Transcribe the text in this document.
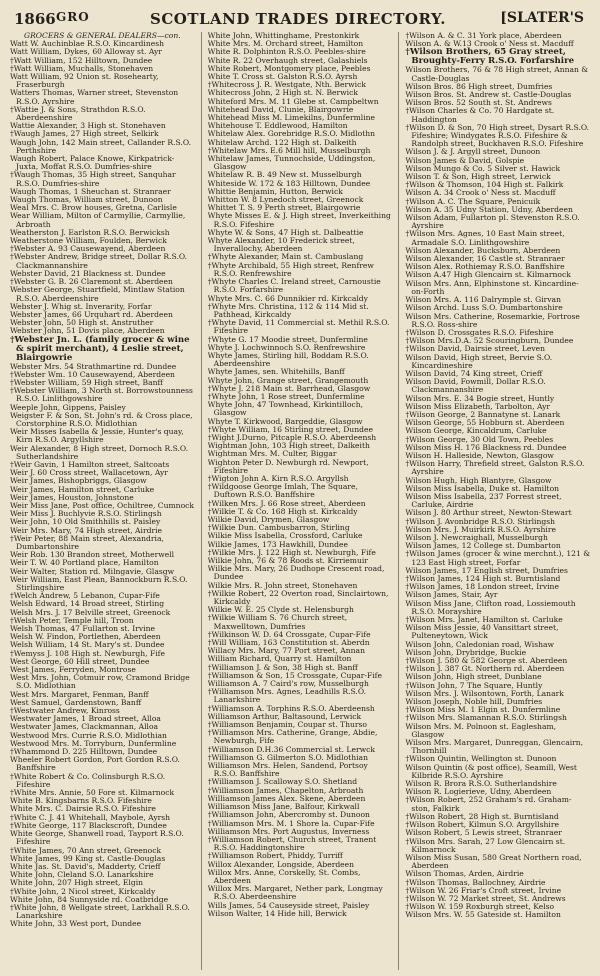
1866 GRO	SCOTLAND TRADES DIRECTORY.	[SLATER'S

GROCERS & GENERAL DEALERS—con.

Watt W. Auchinblae R.S.O. Kincardinesh

Watt William, Dykes, 60 Alloway st. Ayr

†Watt William, 152 Hilltown, Dundee

†Watt William, Muchalls, Stonehaven

Watt William, 92 Union st. Rosehearty, Fraserburgh

Watters Thomas, Warner street, Stevenston R.S.O. Ayrshire

†Wattie J. & Sons, Strathdon R.S.O. Aberdeenshire

Wattie Alexander, 3 High st. Stonehaven

†Waugh James, 27 High street, Selkirk

Waugh John, 142 Main street, Callander R.S.O. Perthshire

Waugh Robert, Palace Knowe, Kirkpatrick-Juxta, Moffat R.S.O. Dumfries-shire

†Waugh Thomas, 35 High street, Sanquhar R.S.O. Dumfries-shire

Waugh Thomas, 1 Sheuchan st. Stranraer

Waugh Thomas, William street, Dunoon

Weal Mrs. C. Brow houses, Gretna, Carlisle

Wear William, Milton of Carmyllie, Carmyllie, Arbroath

Weatherston J. Earlston R.S.O. Berwicksh

Weatherstone William, Foulden, Berwick

†Webster A. 93 Causewayend, Aberdeen

†Webster Andrew, Bridge street, Dollar R.S.O. Clackmannanshire

Webster David, 21 Blackness st. Dundee

†Webster G. B. 26 Claremont st. Aberdeen

Webster George, Stuartfield, Mintlaw Station R.S.O. Aberdeenshire

Webster J. Whig st. Inverarity, Forfar

Webster James, 66 Urquhart rd. Aberdeen

Webster John, 50 High st. Anstruther

Webster John, 51 Dovis place, Aberdeen

†Webster Jn. L. (family grocer & wine & spirit merchant), 4 Leslie street, Blairgowrie

Webster Mrs. 54 Strathmartine rd. Dundee

†Webster Wm. 10 Causewayend, Aberdeen

†Webster William, 59 High street, Banff

†Webster William, 3 North st. Borrowstounness R.S.O. Linlithgowshire

Weeple John, Gippens, Paisley

Weigster F. & Son, St. John's rd. & Cross place, Corstorphine R.S.O. Midlothian

Weir Misses Isabella & Jessie, Hunter's quay, Kirn R.S.O. Argyllshire

Weir Alexander, 8 High street, Dornoch R.S.O. Sutherlandshire

†Weir Gavin, 1 Hamilton street, Saltcoats

Weir J. 60 Cross street, Wallacetown, Ayr

Weir James, Bishopbriggs, Glasgow

Weir James, Hamilton street, Carluke

Weir James, Houston, Johnstone

Weir Miss Jane, Post office, Ochiltree, Cumnock

Weir Miss J. Buchlyvie R.S.O. Stirlingsh

Weir John, 10 Old Smithhills st. Paisley

Weir Mrs. Mary, 74 High street, Airdrie

†Weir Peter, 88 Main street, Alexandria, Dumbartonshire

Weir Rob. 130 Brandon street, Motherwell

Weir T. W. 40 Portland place, Hamilton

Weir Walter, Station rd. Milngavie, Glasgw

Weir William, East Plean, Bannockburn R.S.O. Stirlingshire

†Welch Andrew, 5 Lebanon, Cupar-Fife

Welsh Edward, 14 Broad street, Stirling

Welsh Mrs. J. 17 Belville street, Greenock

†Welsh Peter, Temple hill, Troon

Welsh Thomas, 47 Fullarton st. Irvine

Welsh W. Findon, Portlethen, Aberdeen

Welsh William, 14 St. Mary's st. Dundee

†Wemyss J. 108 High st. Newburgh, Fife

West George, 60 Hill street, Dundee

West James, Ferryden, Montrose

West Mrs. John, Cotmuir row, Cramond Bridge S.O. Midlothian

West Mrs. Margaret, Fenman, Banff

West Samuel, Gardenstown, Banff

†Westwater Andrew, Kinross

Westwater James, 1 Broad street, Alloa

Westwater James, Clackmannan, Alloa

Westwood Mrs. Currie R.S.O. Midlothian

Westwood Mrs. M. Torryburn, Dunfermline

†Whammond D. 225 Hilltown, Dundee

Wheeler Robert Gordon, Port Gordon R.S.O. Banffshire

†White Robert & Co. Colinsburgh R.S.O. Fifeshire

†White Mrs. Annie, 50 Fore st. Kilmarnock

White B. Kingsbarns R.S.O. Fifeshire

White Mrs. C. Dairsie R.S.O. Fifeshire

†White C. J. 41 Whitehall, Maybole, Ayrsh

†White George, 117 Blackscroft, Dundee

White George, Shanwell road, Tayport R.S.O. Fifeshire

†White James, 70 Ann street, Greenock

White James, 99 King st. Castle-Douglas

White Jas. St. David's, Madderty, Crieff

White John, Cleland S.O. Lanarkshire

White John, 207 High street, Elgin

†White John, 2 Nicol street, Kirkcaldy

White John, 84 Sunnyside rd. Coatbridge

†White John, 8 Wellgate street, Larkhall R.S.O. Lanarkshire

White John, 33 West port, Dundee

White John, Whittinghame, Prestonkirk

White Mrs. M. Orchard street, Hamilton

White R. Dolphinton R.S.O. Peebles-shire

White R. 22 Overhaugh street, Galashiels

White Robert, Montgomery place, Peebles

White T. Cross st. Galston R.S.O. Ayrsh

†Whitecross J. R. Westgate, Nth. Berwick

Whitecross John, 2 High st. N. Berwick

Whiteford Mrs. M. 11 Glebe st. Campbeltwn

Whitehead David, Clunie, Blairgowrie

Whitehead Miss M. Limekilns, Dunfermline

Whitehouse T. Eddlewood, Hamilton

Whitelaw Alex. Gorebridge R.S.O. Midlothn

Whitelaw Archd. 122 High st. Dalkeith

†Whitelaw Mrs. E.6 Mill hill, Musselburgh

Whitelaw James, Tunnochside, Uddingston, Glasgow

Whitelaw R. B. 49 New st. Musselburgh

Whiteside W. 172 & 183 Hilltown, Dundee

Whittie Benjamin, Hutton, Berwick

Whitton W. 8 Lynedoch street, Greenock

Whittet T. S. 9 Perth street, Blairgowrie

Whyte Misses E. & J. High street, Inverkeithing R.S.O. Fifeshire

Whyte W. & Sons, 47 High st. Dalbeattie

Whyte Alexander, 10 Frederick street, Inverallochy, Aberdeen

†Whyte Alexander, Main st. Cambuslang

†Whyte Archibald, 55 High street, Renfrew R.S.O. Renfrewshire

†Whyte Charles C. Ireland street, Carnoustie R.S.O. Forfarshire

Whyte Mrs. C. 66 Dunnikier rd. Kirkcaldy

†Whyte Mrs. Christina, 112 & 114 Mid st. Pathhead, Kirkcaldy

†Whyte David, 11 Commercial st. Methil R.S.O. Fifeshire

†Whyte G. 17 Moodie street, Dunfermline

Whyte J. Lochwinnoch S.O. Renfrewshire

Whyte James, Stirling hill, Boddam R.S.O. Aberdeenshire

Whyte James, sen. Whitehills, Banff

Whyte John, Grange street, Grangemouth

†Whyte J. 218 Main st. Barrhead, Glasgow

†Whyte John, 1 Rose street, Dunfermline

Whyte John, 47 Townhead, Kirkintilloch, Glasgow

Whyte T. Kirkwood, Bargeddie, Glasgow

†Whyte William, 16 Stirling street, Dundee

†Wight J.Durno, Pitcaple R.S.O. Aberdeensh

Wightman John, 103 High street, Dalkeith

Wightman Mrs. M. Culter, Biggar

Wighton Peter D. Newburgh rd. Newport, Fifeshire

†Wigton John A. Kirn R.S.O. Argyllsh

†Wildgoose George Imlah, The Square, Duftown R.S.O. Banffshire

†Wilken Mrs. J. 66 Rose street, Aberdeen

†Wilkie T. & Co. 168 High st. Kirkcaldy

Wilkie David, Drymen, Glasgow

†Wilkie Dun. Cambusbarron, Stirling

Wilkie Miss Isabella, Crossford, Carluke

Wilkie James, 173 Hawkhill, Dundee

†Wilkie Mrs. J. 122 High st. Newburgh, Fife

Wilkie John, 76 & 78 Roods st. Kirriemuir

Wilkie Mrs. Mary, 26 Dudhope Crescent road, Dundee

Wilkie Mrs. R. John street, Stonehaven

†Wilkie Robert, 22 Overton road, Sinclairtown, Kirkcaldy

Wilkie W. E. 25 Clyde st. Helensburgh

†Wilkie William S. 76 Church street, Maxwelltown, Dumfries

†Wilkinson W. D. 64 Crossgate, Cupar-Fife

†Will William, 163 Constitution st. Aberdn

Willacy Mrs. Mary, 77 Port street, Annan

William Richard, Quarry st. Hamilton

†Williamson J. & Son, 38 High st. Banff

†Williamson & Son, 15 Crossgate, Cupar-Fife

Williamson A. 7 Caird's row, Musselburgh

†Williamson Mrs. Agnes, Leadhills R.S.O. Lanarkshire

†Williamson A. Torphins R.S.O. Aberdeensh

Williamson Arthur, Baltasound, Lerwick

†Williamson Benjamin, Coupar st. Thurso

†Williamson Mrs. Catherine, Grange, Abdie, Newburgh, Fife

†Williamson D.H.36 Commercial st. Lerwck

†Williamson G. Gilmerton S.O. Midlothian

Williamson Mrs. Helen, Sandend, Portsoy R.S.O. Banffshire

†Williamson J. Scalloway S.O. Shetland

†Williamson James, Chapelton, Arbroath

Williamson James Alex. Skene, Aberdeen

Williamson Miss Jane, Balfour, Kirkwall

†Williamson John, Abercromby st. Dunoon

†Williamson Mrs. M. 1 Shore la. Cupar-Fife

Williamson Mrs. Port Augustus, Inverness

†Williamson Robert, Church street, Tranent R.S.O. Haddingtonshire

†Williamson Robert, Phiddy, Turriff

Willox Alexander, Longside, Aberdeen

Willox Mrs. Anne, Corskelly, St. Combs, Aberdeen

Willox Mrs. Margaret, Nether park, Longmay R.S.O. Aberdeenshire

Wills James, 54 Causeyside street, Paisley

Wilson Walter, 14 Hide hill, Berwick

†Wilson A. & C. 31 York place, Aberdeen

Wilson A. & W.13 Crook o' Ness st. Macduff

†Wilson Brothers, 65 Gray street, Broughty-Ferry R.S.O. Forfarshire

Wilson Brothers, 76 & 78 High street, Annan & Castle-Douglas

Wilson Bros. 86 High street, Dumfries

Wilson Bros. St. Andrew st. Castle-Douglas

Wilson Bros. 52 South st. St. Andrews

†Wilson Charles & Co. 70 Hardgate st. Haddington

†Wilson D. & Son, 70 High street, Dysart R.S.O. Fifeshire; Windygates R.S.O. Fifeshire & Randolph street, Buckhaven R.S.O. Fifeshire

Wilson J. & J. Argyll street, Dunoon

Wilson James & David, Golspie

Wilson Mungo & Co. 5 Silver st. Hawick

Wilson T. & Son, High street, Lerwick

†Wilson & Thomson, 104 High st. Falkirk

Wilson A. 34 Crook o' Ness st. Macduff

†Wilson A. C. The Square, Penicuik

Wilson A. 35 Udny Station, Udny, Aberdeen

Wilson Adam, Fullarton pl. Stevenston R.S.O. Ayrshire

†Wilson Mrs. Agnes, 10 East Main street, Armadale S.O. Linlithgowshire

Wilson Alexander, Bucksburn, Aberdeen

Wilson Alexander, 16 Castle st. Stranraer

Wilson Alex. Rothiemay R.S.O. Banffshire

Wilson A.47 High Glencairn st. Kilmarnock

Wilson Mrs. Ann, Elphinstone st. Kincardine-on-Forth

Wilson Mrs. A. 116 Dalrymple st. Girvan

Wilson Archd. Luss S.O. Dumbartonshire

Wilson Mrs. Catherine, Rosemarkie, Fortrose R.S.O. Ross-shire

†Wilson D. Crossgates R.S.O. Fifeshire

†Wilson Mrs.D.A. 52 Scouringburn, Dundee

†Wilson David, Dairsie street, Leven

Wilson David, High street, Bervie S.O. Kincardineshire

Wilson David, 74 King street, Crieff

Wilson David, Fowmill, Dollar R.S.O. Clackmannanshire

Wilson Mrs. E. 34 Bogie street, Huntly

Wilson Miss Elizabeth, Tarbolton, Ayr

†Wilson George, 2 Bannatyne st. Lanark

Wilson George, 55 Hobburn st. Aberdeen

Wilson George, Kincaldrum, Carluke

†Wilson George, 30 Old Town, Peebles

Wilson Miss H. 176 Blackness rd. Dundee

Wilson H. Halleside, Newton, Glasgow

†Wilson Harry, Threfield street, Galston R.S.O. Ayrshire

Wilson Hugh, High Blantyre, Glasgow

Wilson Miss Isabella, Duke st. Hamilton

Wilson Miss Isabella, 237 Forrest street, Carluke, Airdrie

Wilson J. 80 Arthur street, Newton-Stewart

†Wilson J. Avonbridge R.S.O. Stirlingsh

Wilson Mrs. J. Muirkirk R.S.O. Ayrshire

Wilson J. Newcraighall, Musselburgh

Wilson James, 12 College st. Dumbarton

†Wilson James (grocer & wine merchnt.), 121 & 123 East High street, Forfar

Wilson James, 17 English street, Dumfries

†Wilson James, 124 High st. Burntisland

†Wilson James, 18 London street, Irvine

Wilson James, Stair, Ayr

Wilson Miss Jane, Clifton road, Lossiemouth R.S.O. Morayshire

†Wilson Mrs. Janet, Hamilton st. Carluke

Wilson Miss Jessie, 40 Vansittart street, Pulteneytown, Wick

Wilson John, Caledonian road, Wishaw

Wilson John, Drybridge, Buckie

†Wilson J. 580 & 582 George st. Aberdeen

†Wilson J. 387 Gt. Northern rd. Aberdeen

Wilson John, High street, Dunblane

†Wilson John, 7 The Square, Huntly

Wilson Mrs. J. Wilsontown, Forth, Lanark

Wilson Joseph, Noble hill, Dumfries

†Wilson Miss M. 1 Elgin st. Dunfermline

†Wilson Mrs. Slamannan R.S.O. Stirlingsh

Wilson Mrs. M. Polnoon st. Eaglesham, Glasgow

Wilson Mrs. Margaret, Dunreggan, Glencairn, Thornhill

†Wilson Quintin, Wellington st. Dunoon

Wilson Quintin (& post office), Seamill, West Kilbride R.S.O. Ayrshire

Wilson R. Brora R.S.O. Sutherlandshire

Wilson R. Logierieve, Udny, Aberdeen

†Wilson Robert, 252 Graham's rd. Graham-ston, Falkirk

†Wilson Robert, 28 High st. Burntisland

†Wilson Robert, Kilmun S.O. Argyllshire

Wilson Robert, 5 Lewis street, Stranraer

†Wilson Mrs. Sarah, 27 Low Glencairn st. Kilmarnock

Wilson Miss Susan, 580 Great Northern road, Aberdeen

Wilson Thomas, Arden, Airdrie

†Wilson Thomas, Ballochney, Airdrie

†Wilson W. 26 Friar's Croft street, Irvine

†Wilson W. 72 Market street, St. Andrews

†Wilson W. 159 Roxburgh street, Kelso

Wilson Mrs. W. 55 Gateside st. Hamilton
